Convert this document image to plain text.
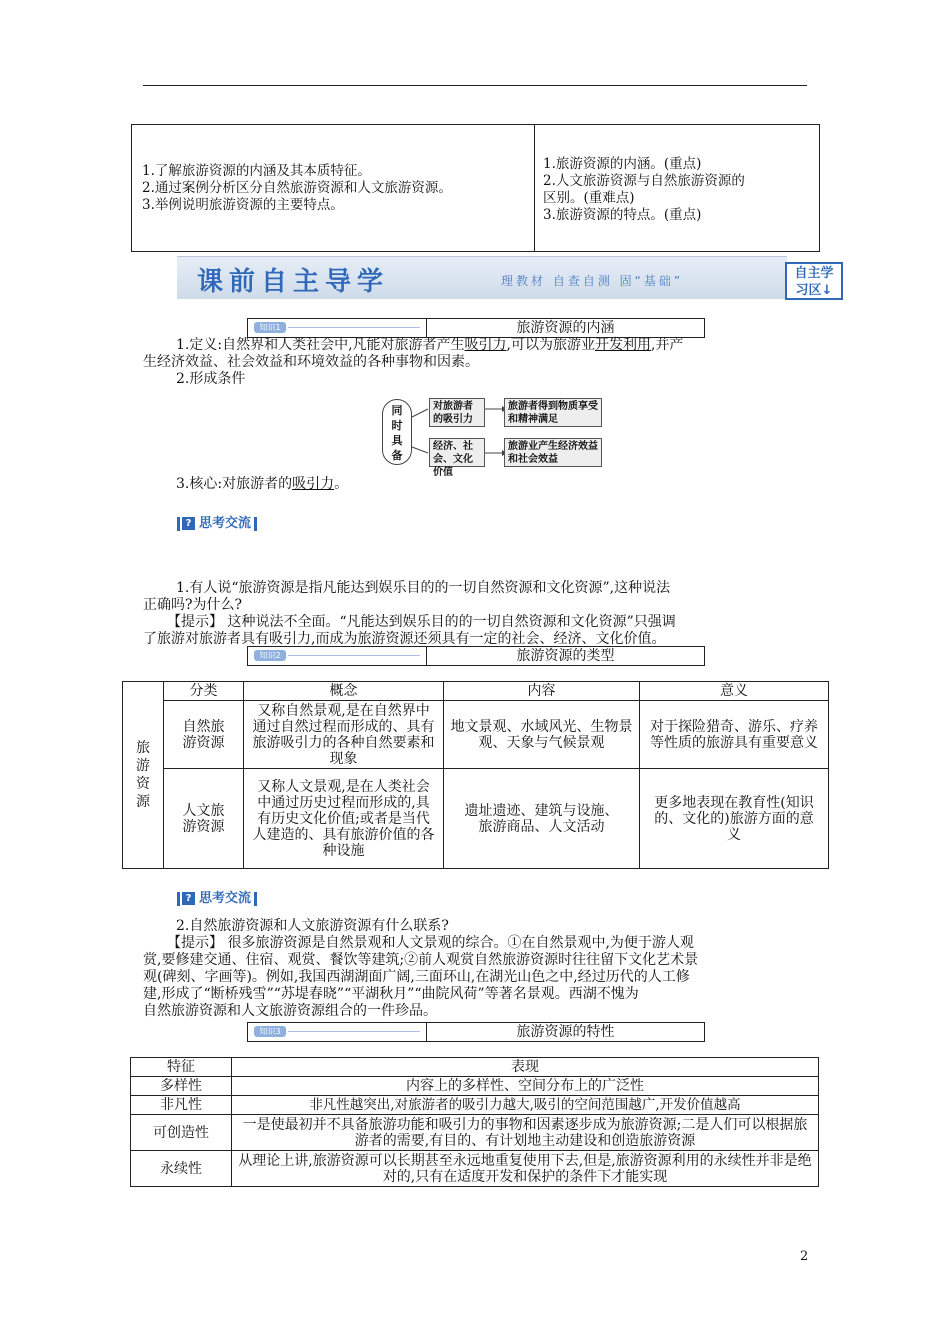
1.了解旅游资源的内涵及其本质特征。
2.通过案例分析区分自然旅游资源和人文旅游资源。
3.举例说明旅游资源的主要特点。
1.旅游资源的内涵。(重点)
2.人文旅游资源与自然旅游资源的
区别。(重难点)
3.旅游资源的特点。(重点)
课前自主导学	理教材 自查自测 固“基础”	自主学
习区↓
知识1	旅游资源的内涵
1.定义:自然界和人类社会中,凡能对旅游者产生吸引力,可以为旅游业开发利用,并产
生经济效益、社会效益和环境效益的各种事物和因素。
2.形成条件
同
时
具
备
对旅游者的吸引力
旅游者得到物质享受和精神满足
经济、社会、文化价值
旅游业产生经济效益和社会效益
3.核心:对旅游者的吸引力。
? 思考交流
1.有人说“旅游资源是指凡能达到娱乐目的的一切自然资源和文化资源”,这种说法
正确吗?为什么?
【提示】 这种说法不全面。“凡能达到娱乐目的的一切自然资源和文化资源”只强调
了旅游对旅游者具有吸引力,而成为旅游资源还须具有一定的社会、经济、文化价值。
知识2	旅游资源的类型
旅游资源	分类	概念	内容	意义
	自然旅游资源	又称自然景观,是在自然界中通过自然过程而形成的、具有旅游吸引力的各种自然要素和现象	地文景观、水域风光、生物景观、天象与气候景观	对于探险猎奇、游乐、疗养等性质的旅游具有重要意义
	人文旅游资源	又称人文景观,是在人类社会中通过历史过程而形成的,具有历史文化价值;或者是当代人建造的、具有旅游价值的各种设施	遗址遗迹、建筑与设施、旅游商品、人文活动	更多地表现在教育性(知识的、文化的)旅游方面的意义
? 思考交流
2.自然旅游资源和人文旅游资源有什么联系?
【提示】 很多旅游资源是自然景观和人文景观的综合。①在自然景观中,为便于游人观
赏,要修建交通、住宿、观赏、餐饮等建筑;②前人观赏自然旅游资源时往往留下文化艺术景
观(碑刻、字画等)。例如,我国西湖湖面广阔,三面环山,在湖光山色之中,经过历代的人工修
建,形成了“断桥残雪”“苏堤春晓”“平湖秋月”“曲院风荷”等著名景观。西湖不愧为
自然旅游资源和人文旅游资源组合的一件珍品。
知识3	旅游资源的特性
特征	表现
多样性	内容上的多样性、空间分布上的广泛性
非凡性	非凡性越突出,对旅游者的吸引力越大,吸引的空间范围越广,开发价值越高
可创造性	一是使最初并不具备旅游功能和吸引力的事物和因素逐步成为旅游资源;二是人们可以根据旅游者的需要,有目的、有计划地主动建设和创造旅游资源
永续性	从理论上讲,旅游资源可以长期甚至永远地重复使用下去,但是,旅游资源利用的永续性并非是绝对的,只有在适度开发和保护的条件下才能实现
2
